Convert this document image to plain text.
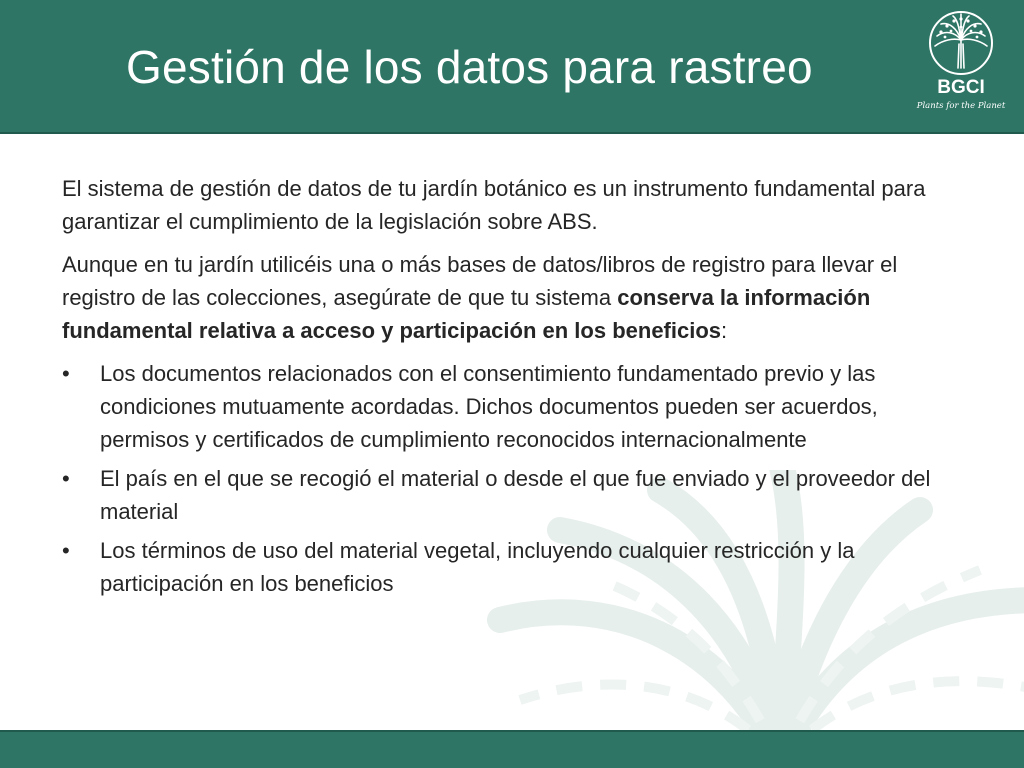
Gestión de los datos para rastreo	BGCI
Plants for the Planet

El sistema de gestión de datos de tu jardín botánico es un instrumento fundamental para garantizar el cumplimiento de la legislación sobre ABS.

Aunque en tu jardín utilicéis una o más bases de datos/libros de registro para llevar el registro de las colecciones, asegúrate de que tu sistema conserva la información fundamental relativa a acceso y participación en los beneficios:

•	Los documentos relacionados con el consentimiento fundamentado previo y las condiciones mutuamente acordadas. Dichos documentos pueden ser acuerdos, permisos y certificados de cumplimiento reconocidos internacionalmente
•	El país en el que se recogió el material o desde el que fue enviado y el proveedor del material
•	Los términos de uso del material vegetal, incluyendo cualquier restricción y la participación en los beneficios
